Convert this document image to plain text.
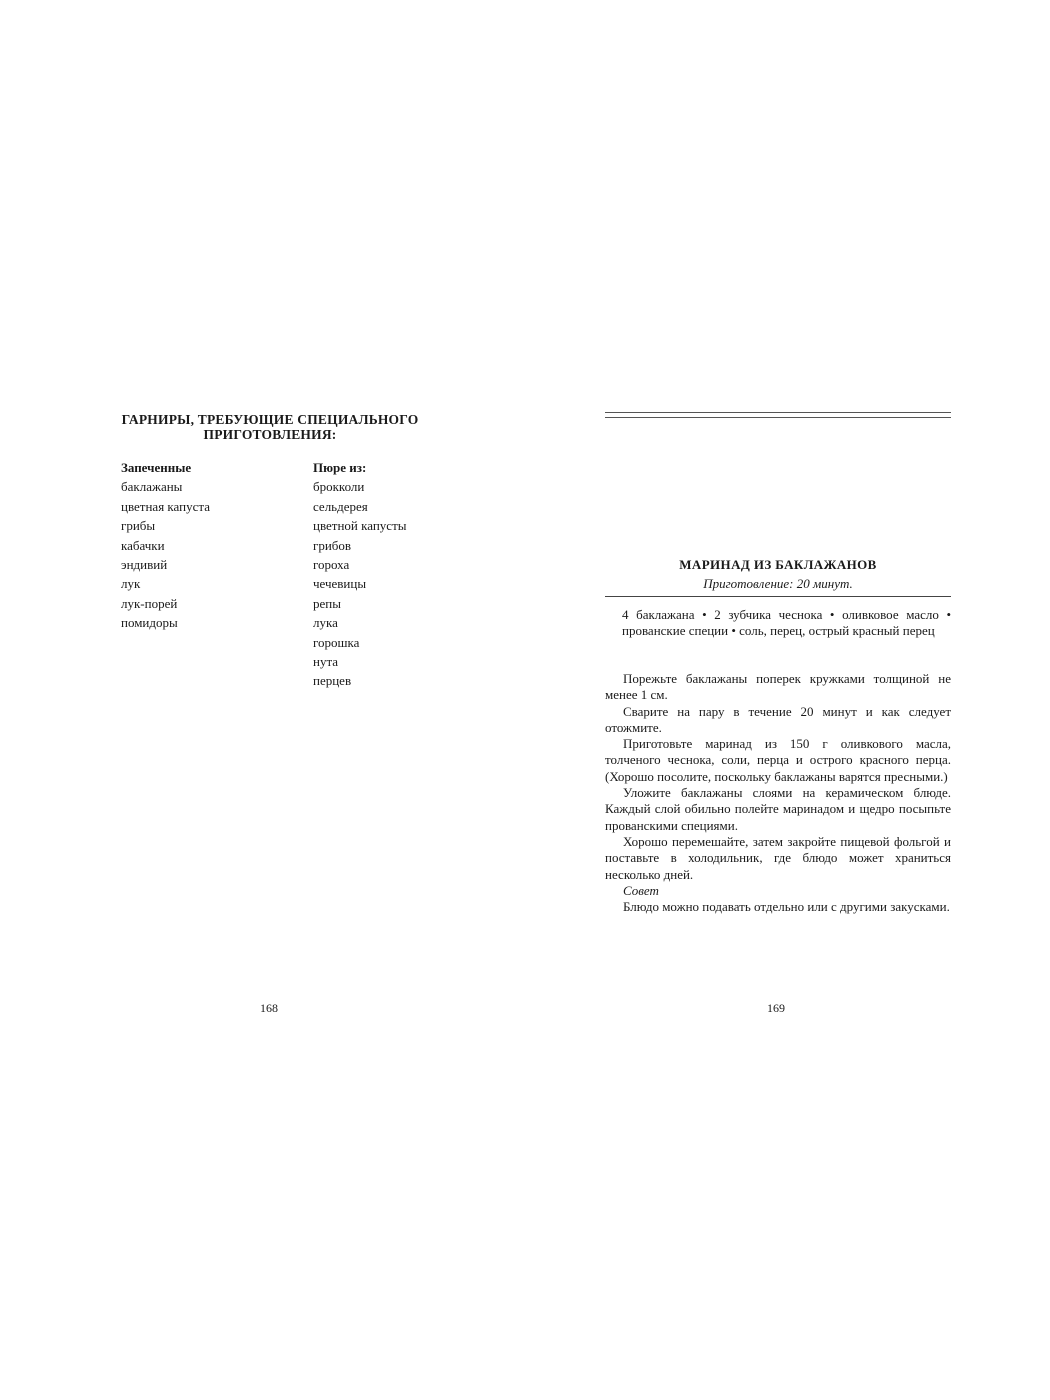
ГАРНИРЫ, ТРЕБУЮЩИЕ СПЕЦИАЛЬНОГО ПРИГОТОВЛЕНИЯ:
Запеченные
баклажаны
цветная капуста
грибы
кабачки
эндивий
лук
лук-порей
помидоры
Пюре из:
брокколи
сельдерея
цветной капусты
грибов
гороха
чечевицы
репы
лука
горошка
нута
перцев
168
МАРИНАД ИЗ БАКЛАЖАНОВ
Приготовление: 20 минут.

4 баклажана • 2 зубчика чеснока • оливковое масло • прованские специи • соль, перец, острый красный перец

Порежьте баклажаны поперек кружками толщиной не менее 1 см.

Сварите на пару в течение 20 минут и как следует отожмите.

Приготовьте маринад из 150 г оливкового масла, толченого чеснока, соли, перца и острого красного перца. (Хорошо посолите, поскольку баклажаны варятся пресными.)

Уложите баклажаны слоями на керамическом блюде. Каждый слой обильно полейте маринадом и щедро посыпьте прованскими специями.

Хорошо перемешайте, затем закройте пищевой фольгой и поставьте в холодильник, где блюдо может храниться несколько дней.

Совет

Блюдо можно подавать отдельно или с другими закусками.

169
